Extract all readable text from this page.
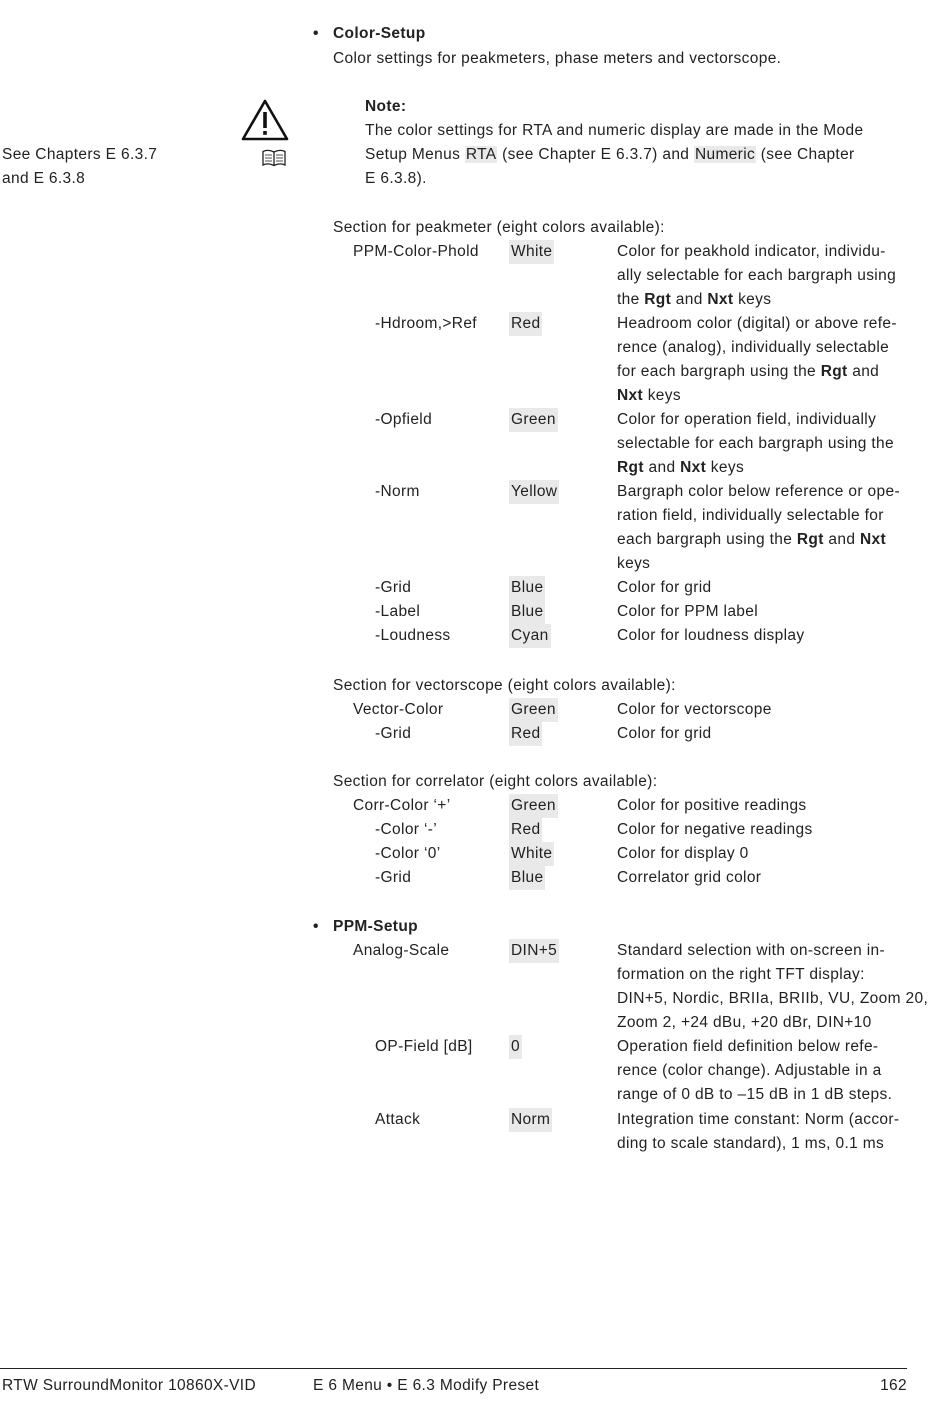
• Color-Setup
Color settings for peakmeters, phase meters and vectorscope.
See Chapters E 6.3.7
and E 6.3.8
Note:
The color settings for RTA and numeric display are made in the Mode
Setup Menus RTA (see Chapter E 6.3.7) and Numeric (see Chapter
E 6.3.8).
Section for peakmeter (eight colors available):
Section for vectorscope (eight colors available):
Section for correlator (eight colors available):
PPM-Color-Phold White	Color for peakhold indicator, individu-
ally selectable for each bargraph using
the Rgt and Nxt keys
-Hdroom,>Ref Red	Headroom color (digital) or above refe-
rence (analog), individually selectable
for each bargraph using the Rgt and
Nxt keys
-Opfield	Green	Color for operation field, individually
selectable for each bargraph using the
Rgt and Nxt keys
-Norm	Yellow	Bargraph color below reference or ope-
ration field, individually selectable for
each bargraph using the Rgt and Nxt
keys
-Grid	Blue	Color for grid
-Label	Blue	Color for PPM label
-Loudness	Cyan	Color for loudness display
Vector-Color	Green	Color for vectorscope
-Grid	Red	Color for grid
Corr-Color ‘+’	Green	Color for positive readings
-Color ‘-’	Red	Color for negative readings
-Color ‘0’	White	Color for display 0
-Grid	Blue	Correlator grid color
• PPM-Setup
Analog-Scale	DIN+5	Standard selection with on-screen in-
formation on the right TFT display:
DIN+5, Nordic, BRIIa, BRIIb, VU, Zoom 20,
Zoom 2, +24 dBu, +20 dBr, DIN+10
OP-Field [dB] 0	Operation field definition below refe-
rence (color change). Adjustable in a
range of 0 dB to –15 dB in 1 dB steps.
Attack	Norm	Integration time constant: Norm (accor-
ding to scale standard), 1 ms, 0.1 ms
RTW SurroundMonitor 10860X-VID	E 6 Menu • E 6.3 Modify Preset	162
